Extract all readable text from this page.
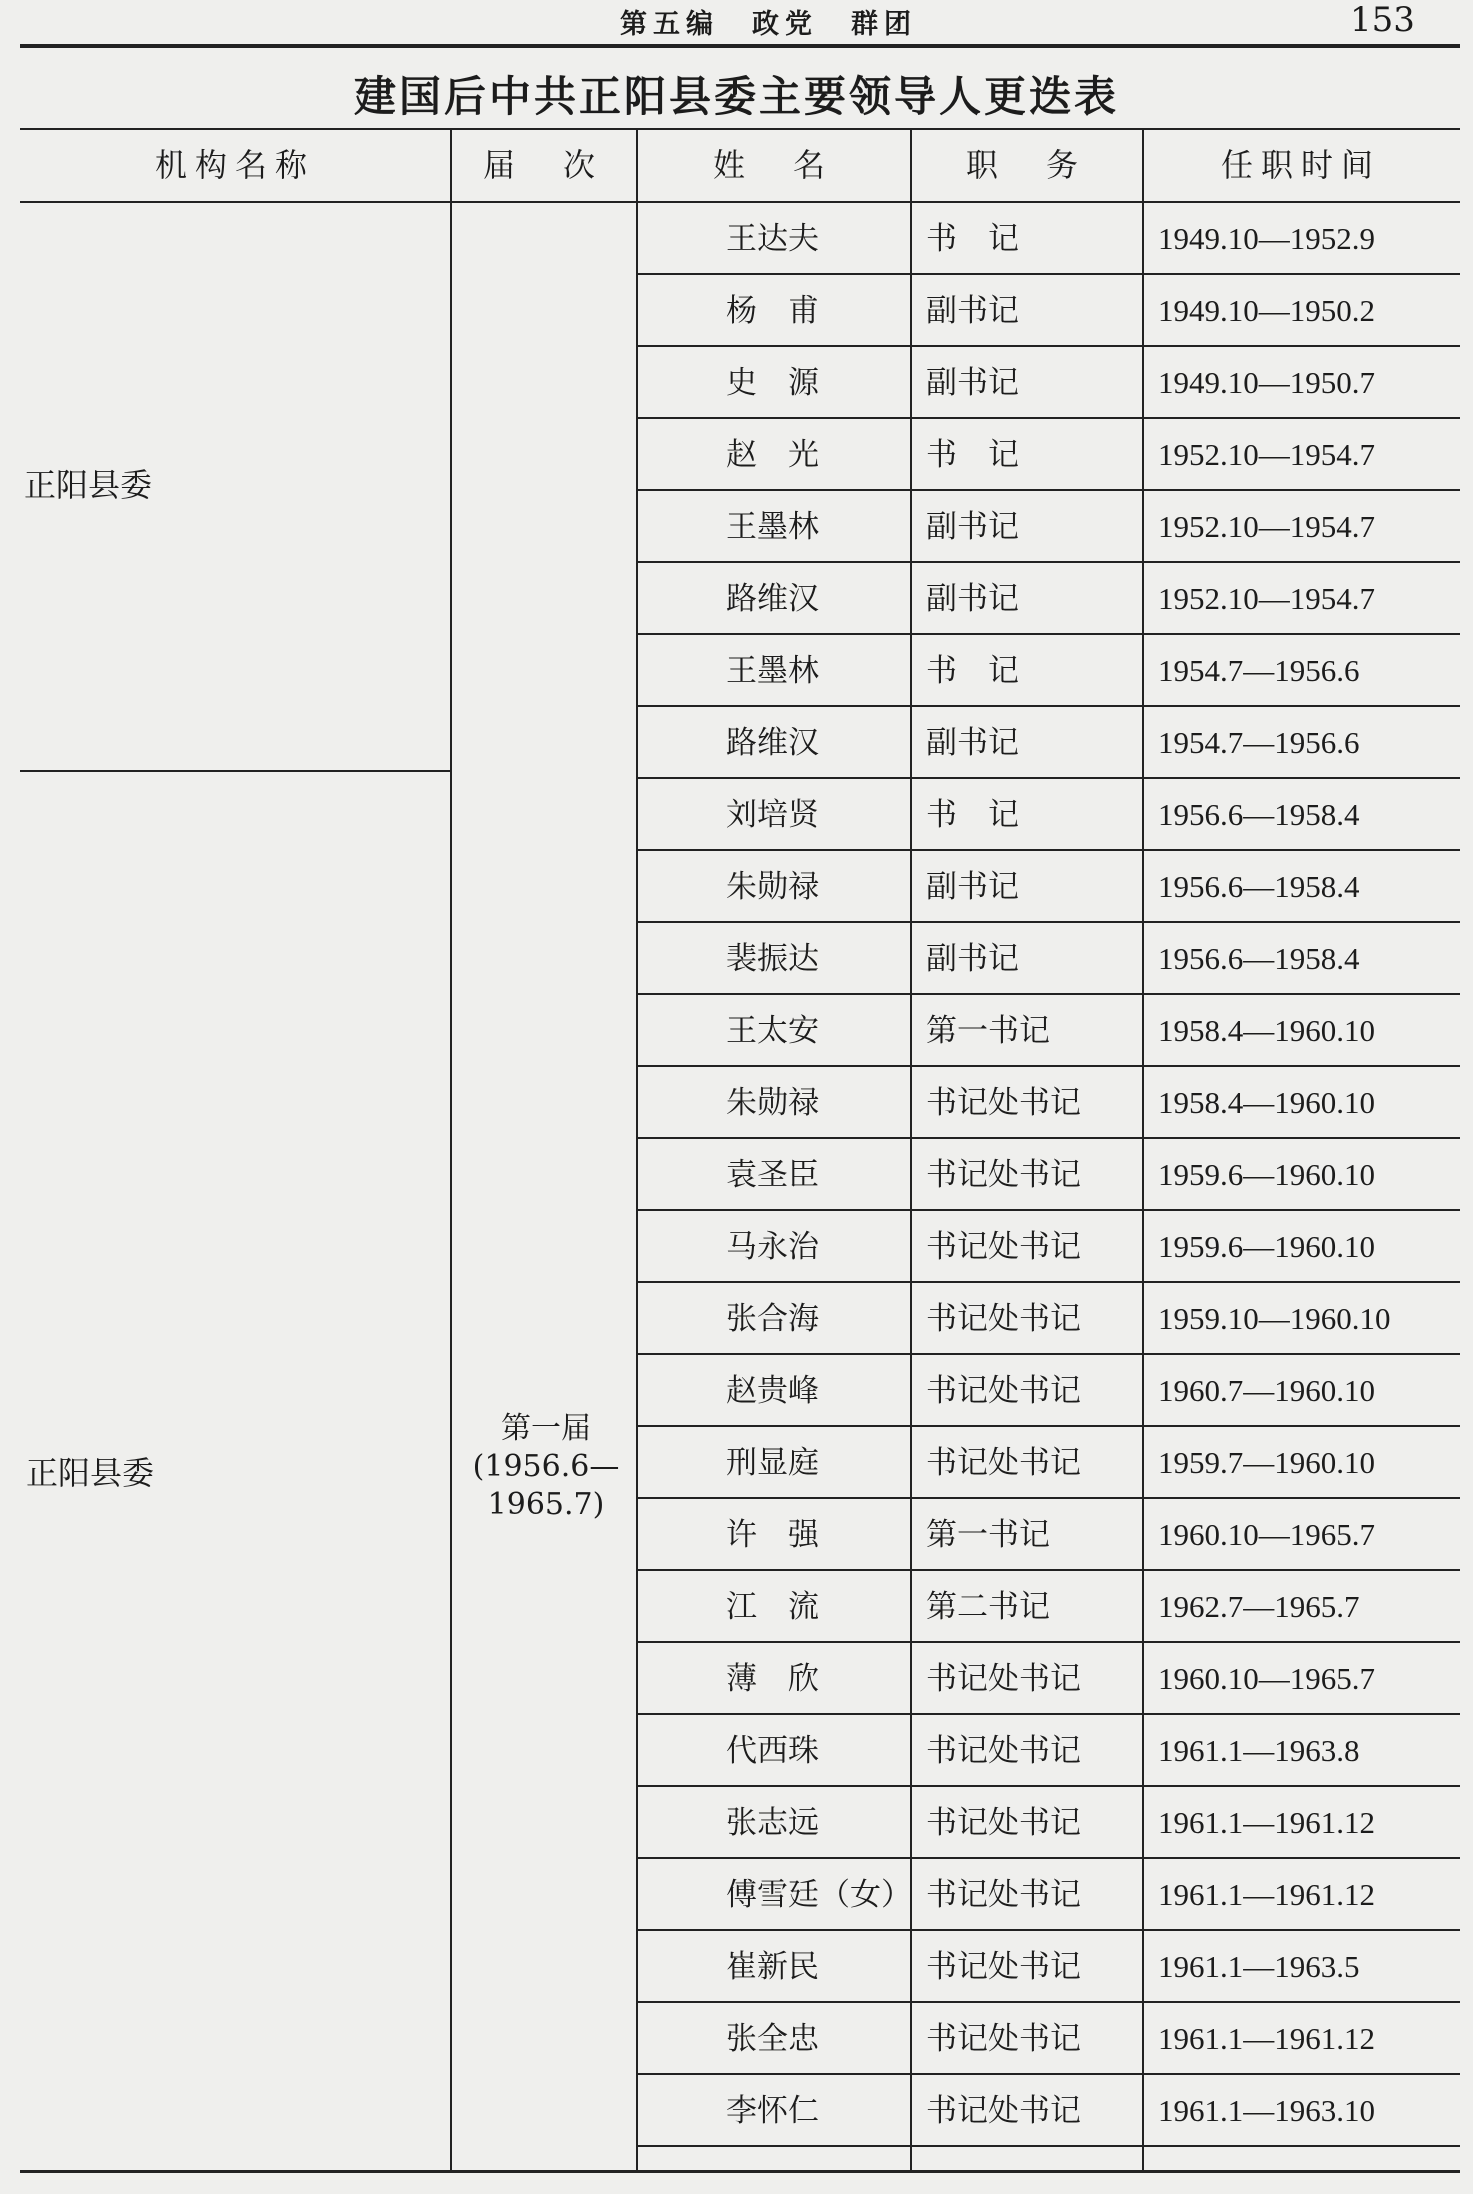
第五编　政党　群团	153
建国后中共正阳县委主要领导人更迭表
机构名称	届　次	姓　名	职　务	任职时间
正阳县委
正阳县委
第一届
(1956.6—
1965.7)
王达夫	书　记	1949.10—1952.9
杨　甫	副书记	1949.10—1950.2
史　源	副书记	1949.10—1950.7
赵　光	书　记	1952.10—1954.7
王墨林	副书记	1952.10—1954.7
路维汉	副书记	1952.10—1954.7
王墨林	书　记	1954.7—1956.6
路维汉	副书记	1954.7—1956.6
刘培贤	书　记	1956.6—1958.4
朱勋禄	副书记	1956.6—1958.4
裴振达	副书记	1956.6—1958.4
王太安	第一书记	1958.4—1960.10
朱勋禄	书记处书记 1958.4—1960.10
袁圣臣	书记处书记 1959.6—1960.10
马永治	书记处书记 1959.6—1960.10
张合海	书记处书记 1959.10—1960.10
赵贵峰	书记处书记 1960.7—1960.10
刑显庭	书记处书记 1959.7—1960.10
许　强	第一书记	1960.10—1965.7
江　流	第二书记	1962.7—1965.7
薄　欣	书记处书记 1960.10—1965.7
代西珠	书记处书记 1961.1—1963.8
张志远	书记处书记 1961.1—1961.12
傅雪廷（女） 书记处书记 1961.1—1961.12
崔新民	书记处书记 1961.1—1963.5
张全忠	书记处书记 1961.1—1961.12
李怀仁	书记处书记 1961.1—1963.10
